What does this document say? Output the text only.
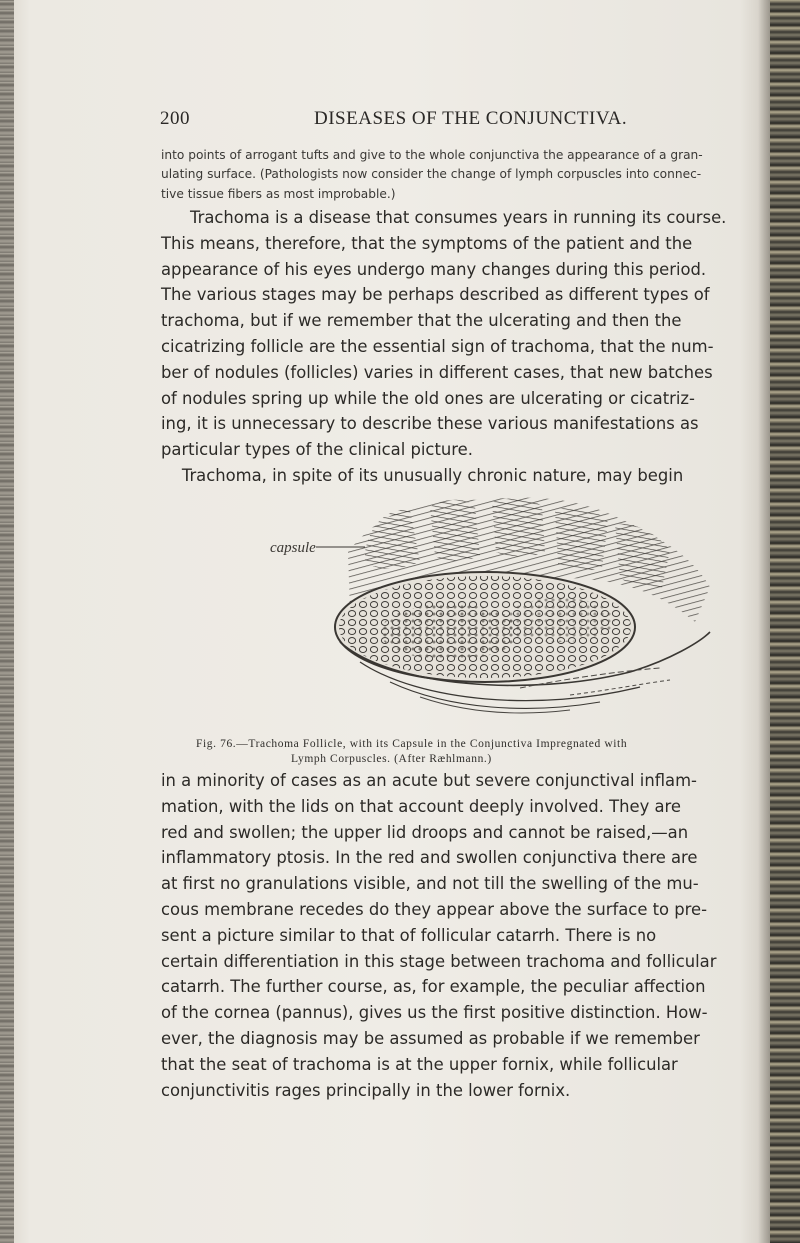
200	DISEASES OF THE CONJUNCTIVA.
into points of arrogant tufts and give to the whole conjunctiva the appearance of a gran-
ulating surface. (Pathologists now consider the change of lymph corpuscles into connec-
tive tissue fibers as most improbable.)
Trachoma is a disease that consumes years in running its course.
This means, therefore, that the symptoms of the patient and the
appearance of his eyes undergo many changes during this period.
The various stages may be perhaps described as different types of
trachoma, but if we remember that the ulcerating and then the
cicatrizing follicle are the essential sign of trachoma, that the num-
ber of nodules (follicles) varies in different cases, that new batches
of nodules spring up while the old ones are ulcerating or cicatriz-
ing, it is unnecessary to describe these various manifestations as
particular types of the clinical picture.
Trachoma, in spite of its unusually chronic nature, may begin
capsule
Fig. 76.—Trachoma Follicle, with its Capsule in the Conjunctiva Impregnated with
Lymph Corpuscles. (After Ræhlmann.)
in a minority of cases as an acute but severe conjunctival inflam-
mation, with the lids on that account deeply involved. They are
red and swollen; the upper lid droops and cannot be raised,—an
inflammatory ptosis. In the red and swollen conjunctiva there are
at first no granulations visible, and not till the swelling of the mu-
cous membrane recedes do they appear above the surface to pre-
sent a picture similar to that of follicular catarrh. There is no
certain differentiation in this stage between trachoma and follicular
catarrh. The further course, as, for example, the peculiar affection
of the cornea (pannus), gives us the first positive distinction. How-
ever, the diagnosis may be assumed as probable if we remember
that the seat of trachoma is at the upper fornix, while follicular
conjunctivitis rages principally in the lower fornix.
